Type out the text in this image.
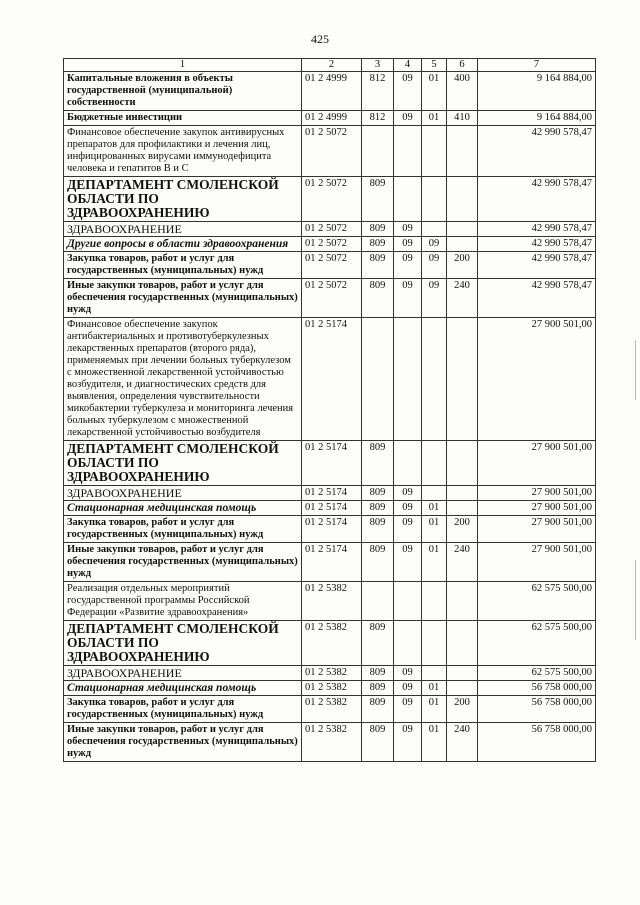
425
1	2	3	4	5	6	7
Капитальные вложения в объекты государственной (муниципальной) собственности	01 2 4999	812	09	01	400	9 164 884,00
Бюджетные инвестиции	01 2 4999	812	09	01	410	9 164 884,00
Финансовое обеспечение закупок антивирусных препаратов для профилактики и лечения лиц, инфицированных вирусами иммунодефицита человека и гепатитов В и С	01 2 5072					42 990 578,47
ДЕПАРТАМЕНТ СМОЛЕНСКОЙ ОБЛАСТИ ПО ЗДРАВООХРАНЕНИЮ	01 2 5072	809				42 990 578,47
ЗДРАВООХРАНЕНИЕ	01 2 5072	809	09			42 990 578,47
Другие вопросы в области здравоохранения	01 2 5072	809	09	09		42 990 578,47
Закупка товаров, работ и услуг для государственных (муниципальных) нужд	01 2 5072	809	09	09	200	42 990 578,47
Иные закупки товаров, работ и услуг для обеспечения государственных (муниципальных) нужд	01 2 5072	809	09	09	240	42 990 578,47
Финансовое обеспечение закупок антибактериальных и противотуберкулезных лекарственных препаратов (второго ряда), применяемых при лечении больных туберкулезом с множественной лекарственной устойчивостью возбудителя, и диагностических средств для выявления, определения чувствительности микобактерии туберкулеза и мониторинга лечения больных туберкулезом с множественной лекарственной устойчивостью возбудителя	01 2 5174					27 900 501,00
ДЕПАРТАМЕНТ СМОЛЕНСКОЙ ОБЛАСТИ ПО ЗДРАВООХРАНЕНИЮ	01 2 5174	809				27 900 501,00
ЗДРАВООХРАНЕНИЕ	01 2 5174	809	09			27 900 501,00
Стационарная медицинская помощь	01 2 5174	809	09	01		27 900 501,00
Закупка товаров, работ и услуг для государственных (муниципальных) нужд	01 2 5174	809	09	01	200	27 900 501,00
Иные закупки товаров, работ и услуг для обеспечения государственных (муниципальных) нужд	01 2 5174	809	09	01	240	27 900 501,00
Реализация отдельных мероприятий государственной программы Российской Федерации «Развитие здравоохранения»	01 2 5382					62 575 500,00
ДЕПАРТАМЕНТ СМОЛЕНСКОЙ ОБЛАСТИ ПО ЗДРАВООХРАНЕНИЮ	01 2 5382	809				62 575 500,00
ЗДРАВООХРАНЕНИЕ	01 2 5382	809	09			62 575 500,00
Стационарная медицинская помощь	01 2 5382	809	09	01		56 758 000,00
Закупка товаров, работ и услуг для государственных (муниципальных) нужд	01 2 5382	809	09	01	200	56 758 000,00
Иные закупки товаров, работ и услуг для обеспечения государственных (муниципальных) нужд	01 2 5382	809	09	01	240	56 758 000,00
